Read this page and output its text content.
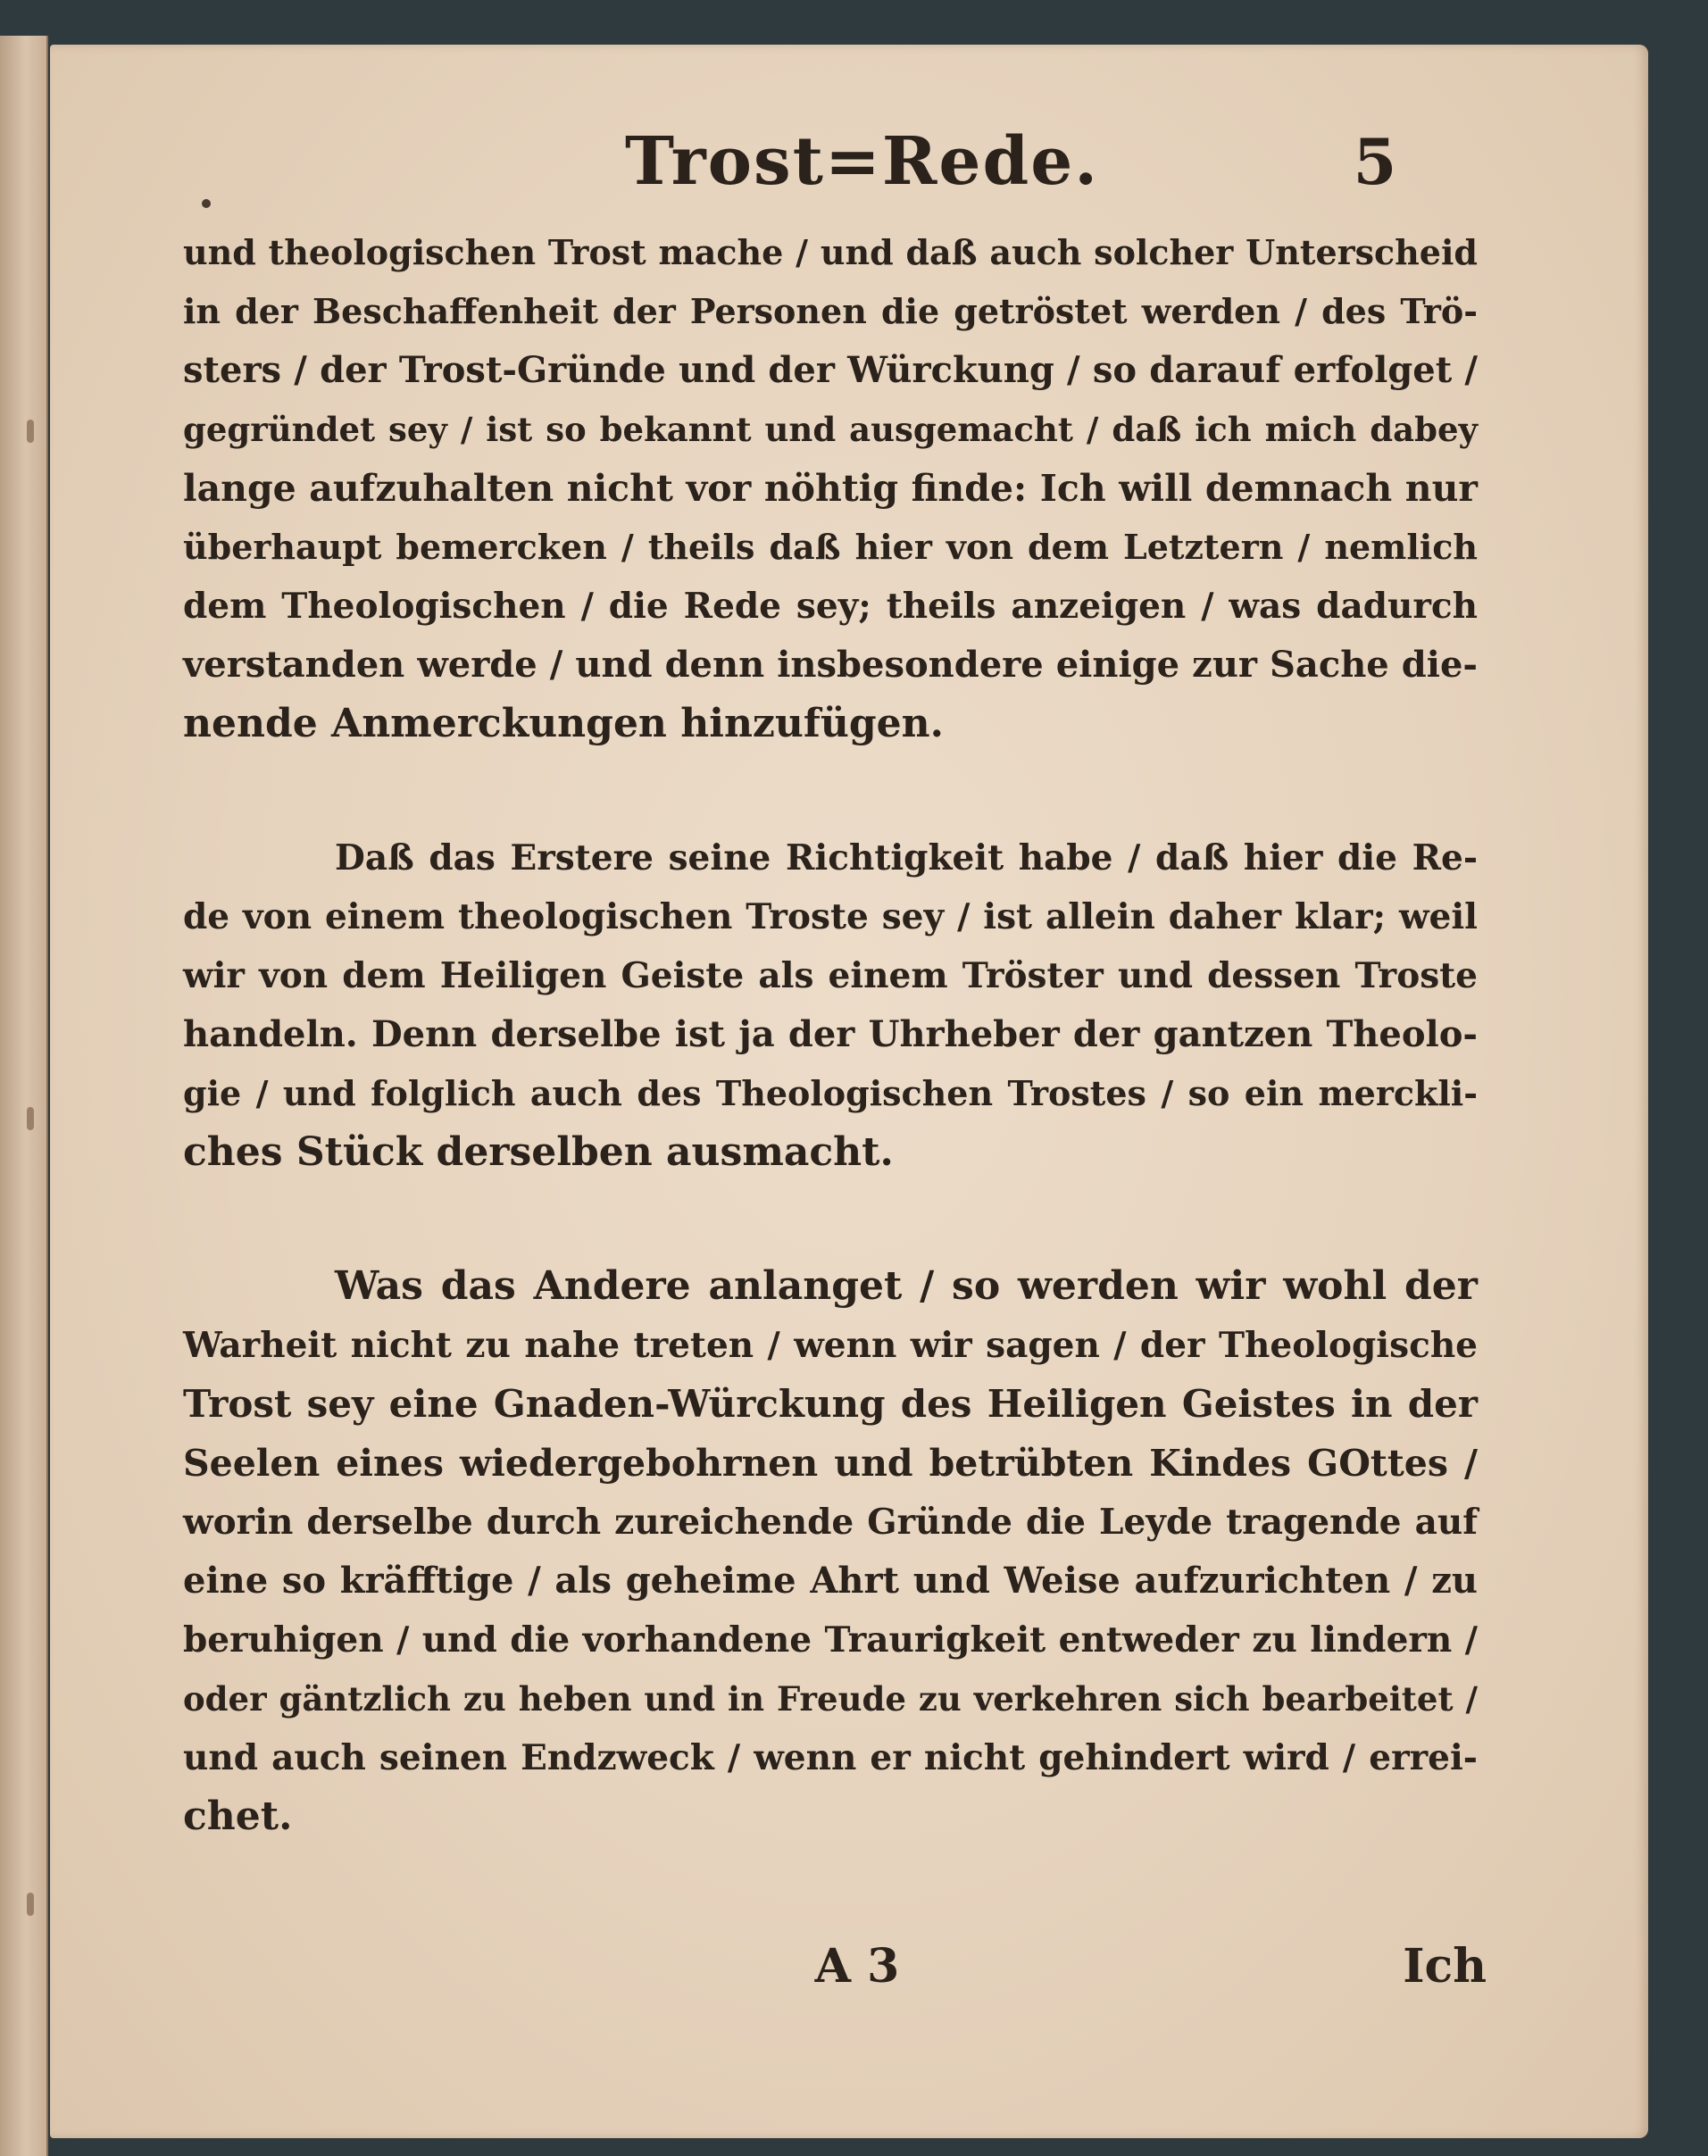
Trost=Rede.	5
und theologischen Trost mache / und daß auch solcher Unterscheid
in der Beschaffenheit der Personen die getröstet werden / des Trö-
sters / der Trost-Gründe und der Würckung / so darauf erfolget /
gegründet sey / ist so bekannt und ausgemacht / daß ich mich dabey
lange aufzuhalten nicht vor nöhtig finde: Ich will demnach nur
überhaupt bemercken / theils daß hier von dem Letztern / nemlich
dem Theologischen / die Rede sey; theils anzeigen / was dadurch
verstanden werde / und denn insbesondere einige zur Sache die-
nende Anmerckungen hinzufügen.
Daß das Erstere seine Richtigkeit habe / daß hier die Re-
de von einem theologischen Troste sey / ist allein daher klar; weil
wir von dem Heiligen Geiste als einem Tröster und dessen Troste
handeln. Denn derselbe ist ja der Uhrheber der gantzen Theolo-
gie / und folglich auch des Theologischen Trostes / so ein merckli-
ches Stück derselben ausmacht.
Was das Andere anlanget / so werden wir wohl der
Warheit nicht zu nahe treten / wenn wir sagen / der Theologische
Trost sey eine Gnaden-Würckung des Heiligen Geistes in der
Seelen eines wiedergebohrnen und betrübten Kindes GOttes /
worin derselbe durch zureichende Gründe die Leyde tragende auf
eine so kräfftige / als geheime Ahrt und Weise aufzurichten / zu
beruhigen / und die vorhandene Traurigkeit entweder zu lindern /
oder gäntzlich zu heben und in Freude zu verkehren sich bearbeitet /
und auch seinen Endzweck / wenn er nicht gehindert wird / errei-
chet.
A 3	Ich
